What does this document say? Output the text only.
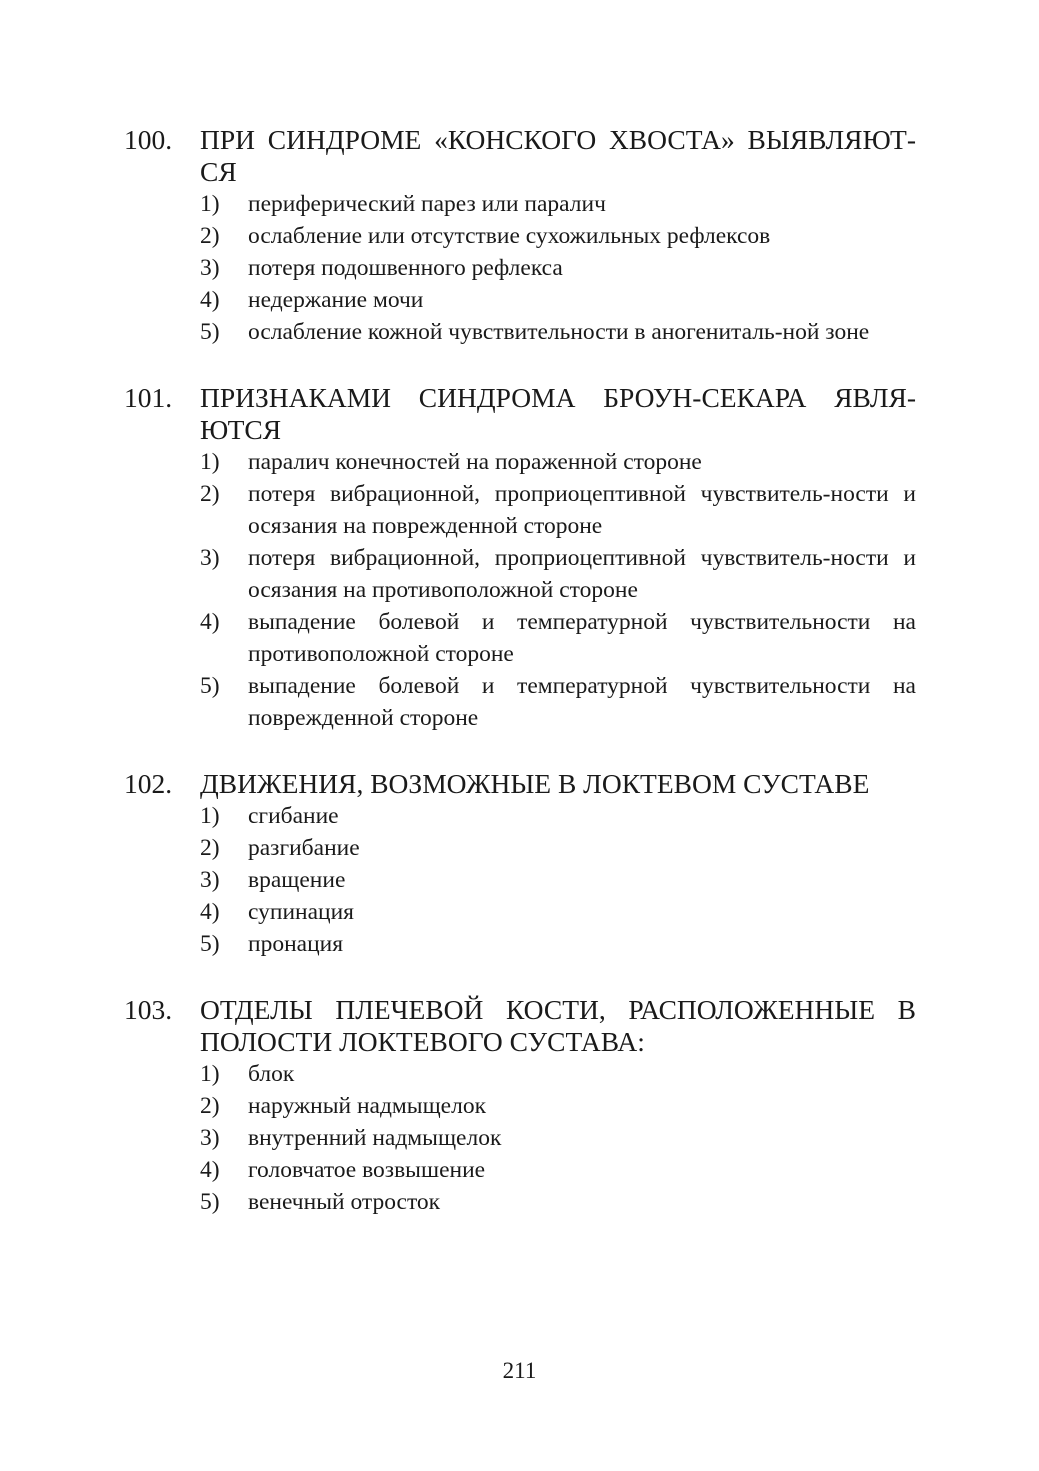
100.	ПРИ СИНДРОМЕ «КОНСКОГО ХВОСТА» ВЫЯВЛЯЮТ-СЯ
1)	периферический парез или паралич
2)	ослабление или отсутствие сухожильных рефлексов
3)	потеря подошвенного рефлекса
4)	недержание мочи
5)	ослабление кожной чувствительности в аногениталь-ной зоне
101.	ПРИЗНАКАМИ СИНДРОМА БРОУН-СЕКАРА ЯВЛЯ-ЮТСЯ
1)	паралич конечностей на пораженной стороне
2)	потеря вибрационной, проприоцептивной чувствитель-ности и осязания на поврежденной стороне
3)	потеря вибрационной, проприоцептивной чувствитель-ности и осязания на противоположной стороне
4)	выпадение болевой и температурной чувствительности на противоположной стороне
5)	выпадение болевой и температурной чувствительности на поврежденной стороне
102.	ДВИЖЕНИЯ, ВОЗМОЖНЫЕ В ЛОКТЕВОМ СУСТАВЕ
1)	сгибание
2)	разгибание
3)	вращение
4)	супинация
5)	пронация
103.	ОТДЕЛЫ ПЛЕЧЕВОЙ КОСТИ, РАСПОЛОЖЕННЫЕ В ПОЛОСТИ ЛОКТЕВОГО СУСТАВА:
1)	блок
2)	наружный надмыщелок
3)	внутренний надмыщелок
4)	головчатое возвышение
5)	венечный отросток
211
